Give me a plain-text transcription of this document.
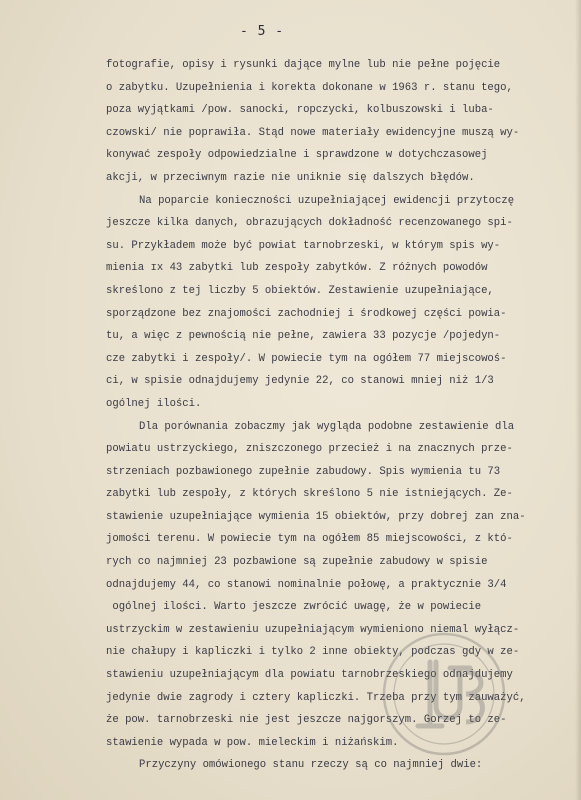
- 5 -
fotografie, opisy i rysunki dające mylne lub nie pełne pojęcie
o zabytku. Uzupełnienia i korekta dokonane w 1963 r. stanu tego,
poza wyjątkami /pow. sanocki, ropczycki, kolbuszowski i luba-
czowski/ nie poprawiła. Stąd nowe materiały ewidencyjne muszą wy-
konywać zespoły odpowiedzialne i sprawdzone w dotychczasowej
akcji, w przeciwnym razie nie uniknie się dalszych błędów.
Na poparcie konieczności uzupełniającej ewidencji przytoczę
jeszcze kilka danych, obrazujących dokładność recenzowanego spi-
su. Przykładem może być powiat tarnobrzeski, w którym spis wy-
mienia ɪx 43 zabytki lub zespoły zabytków. Z różnych powodów
skreślono z tej liczby 5 obiektów. Zestawienie uzupełniające,
sporządzone bez znajomości zachodniej i środkowej części powia-
tu, a więc z pewnością nie pełne, zawiera 33 pozycje /pojedyn-
cze zabytki i zespoły/. W powiecie tym na ogółem 77 miejscowoś-
ci, w spisie odnajdujemy jedynie 22, co stanowi mniej niż 1/3
ogólnej ilości.
Dla porównania zobaczmy jak wygląda podobne zestawienie dla
powiatu ustrzyckiego, zniszczonego przecież i na znacznych prze-
strzeniach pozbawionego zupełnie zabudowy. Spis wymienia tu 73
zabytki lub zespoły, z których skreślono 5 nie istniejących. Ze-
stawienie uzupełniające wymienia 15 obiektów, przy dobrej zan zna-
jomości terenu. W powiecie tym na ogółem 85 miejscowości, z któ-
rych co najmniej 23 pozbawione są zupełnie zabudowy w spisie
odnajdujemy 44, co stanowi nominalnie połowę, a praktycznie 3/4
ogólnej ilości. Warto jeszcze zwrócić uwagę, że w powiecie
ustrzyckim w zestawieniu uzupełniającym wymieniono niemal wyłącz-
nie chałupy i kapliczki i tylko 2 inne obiekty, podczas gdy w ze-
stawieniu uzupełniającym dla powiatu tarnobrzeskiego odnajdujemy
jedynie dwie zagrody i cztery kapliczki. Trzeba przy tym zauważyć,
że pow. tarnobrzeski nie jest jeszcze najgorszym. Gorzej to ze-
stawienie wypada w pow. mieleckim i niżańskim.
Przyczyny omówionego stanu rzeczy są co najmniej dwie:
